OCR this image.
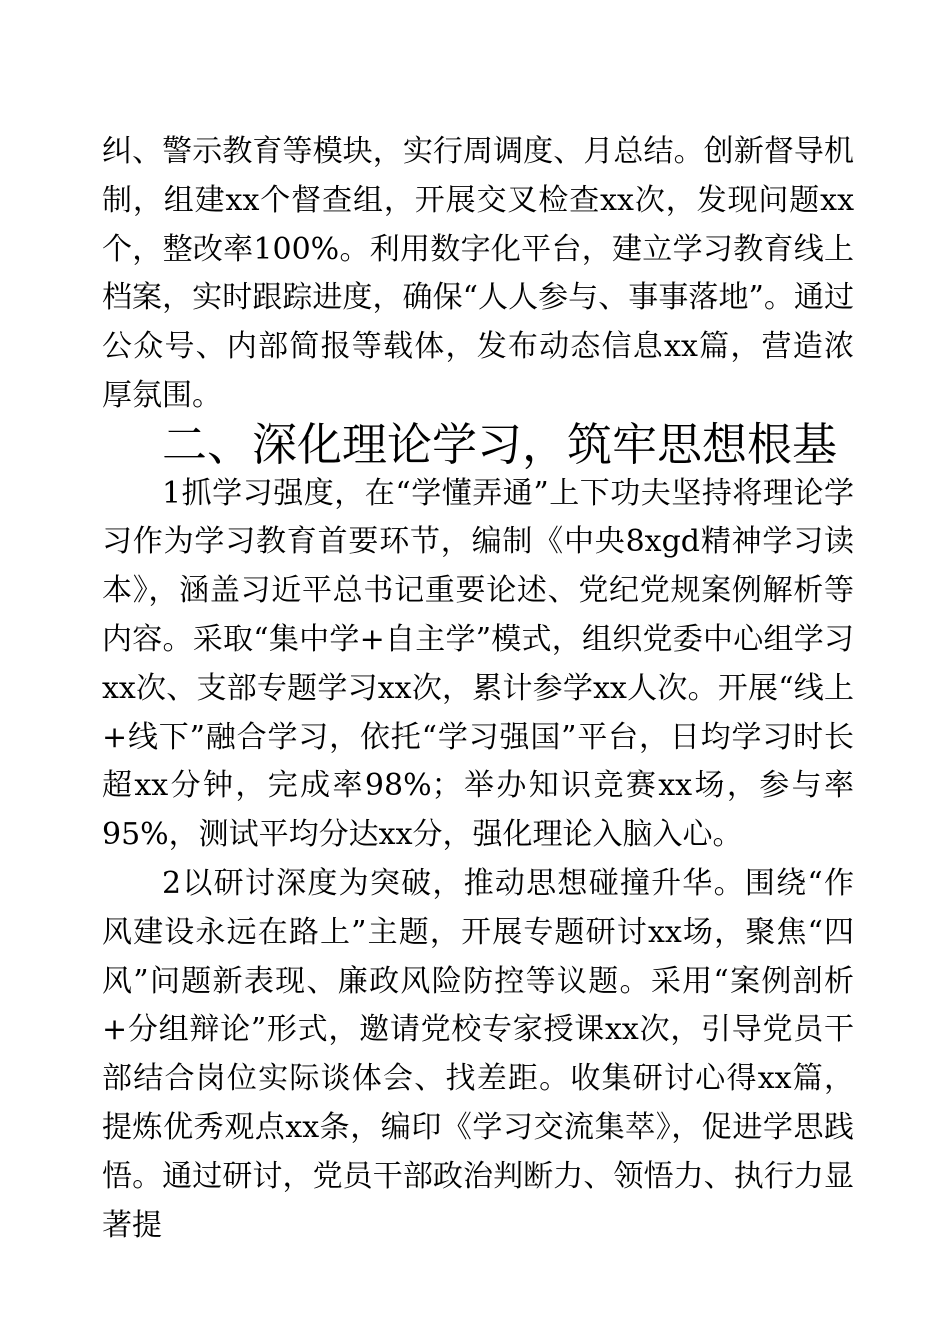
纠、警示教育等模块，实行周调度、月总结。创新督导机制，组建xx个督查组，开展交叉检查xx次，发现问题xx个，整改率100%。利用数字化平台，建立学习教育线上档案，实时跟踪进度，确保“人人参与、事事落地”。通过公众号、内部简报等载体，发布动态信息xx篇，营造浓厚氛围。

二、深化理论学习，筑牢思想根基

1抓学习强度，在“学懂弄通”上下功夫坚持将理论学习作为学习教育首要环节，编制《中央8xgd精神学习读本》，涵盖习近平总书记重要论述、党纪党规案例解析等内容。采取“集中学+自主学”模式，组织党委中心组学习xx次、支部专题学习xx次，累计参学xx人次。开展“线上+线下”融合学习，依托“学习强国”平台，日均学习时长超xx分钟，完成率98%；举办知识竞赛xx场，参与率95%，测试平均分达xx分，强化理论入脑入心。

2以研讨深度为突破，推动思想碰撞升华。围绕“作风建设永远在路上”主题，开展专题研讨xx场，聚焦“四风”问题新表现、廉政风险防控等议题。采用“案例剖析+分组辩论”形式，邀请党校专家授课xx次，引导党员干部结合岗位实际谈体会、找差距。收集研讨心得xx篇，提炼优秀观点xx条，编印《学习交流集萃》，促进学思践悟。通过研讨，党员干部政治判断力、领悟力、执行力显著提
